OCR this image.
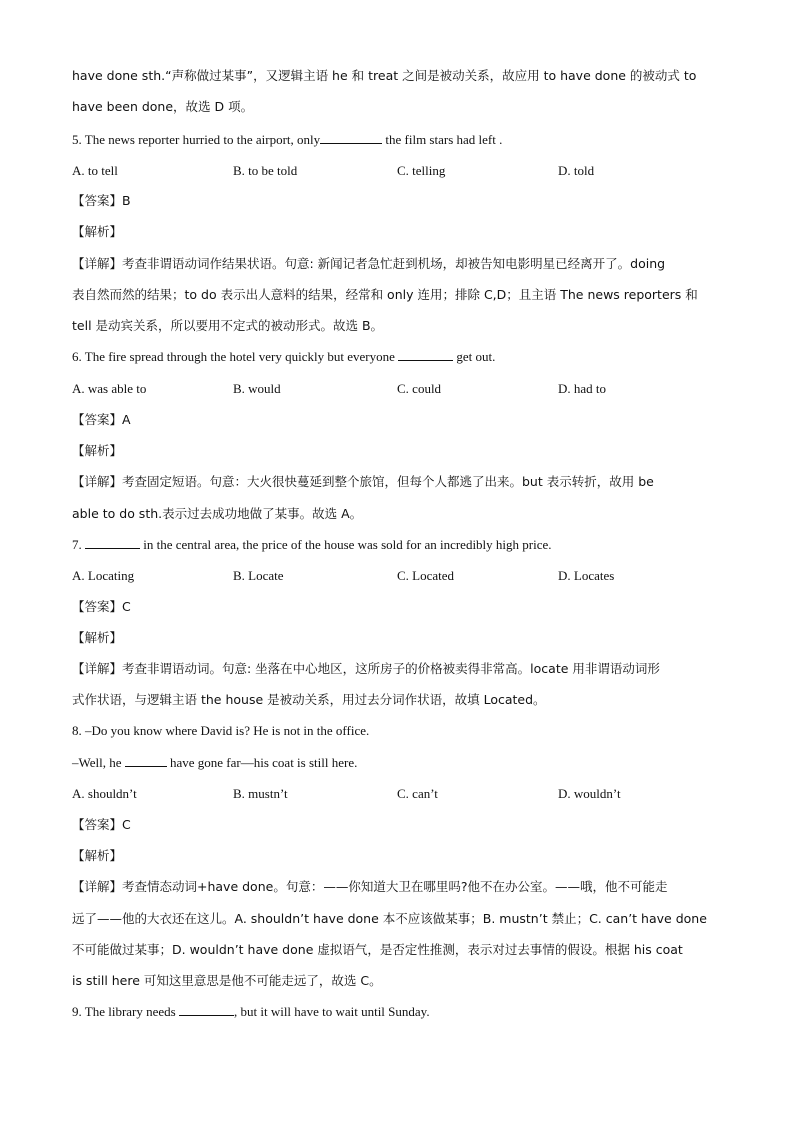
have done sth.“声称做过某事”，又逻辑主语 he 和 treat 之间是被动关系，故应用 to have done 的被动式 to
have been done，故选 D 项。
5. The news reporter hurried to the airport, only	the film stars had left .
A. to tell	B. to be told	C. telling	D. told
【答案】B
【解析】
【详解】考查非谓语动词作结果状语。句意: 新闻记者急忙赶到机场，却被告知电影明星已经离开了。doing
表自然而然的结果；to do 表示出人意料的结果，经常和 only 连用；排除 C,D；且主语 The news reporters 和
tell 是动宾关系，所以要用不定式的被动形式。故选 B。
6. The fire spread through the hotel very quickly but everyone	get out.
A. was able to	B. would	C. could	D. had to
【答案】A
【解析】
【详解】考查固定短语。句意：大火很快蔓延到整个旅馆，但每个人都逃了出来。but 表示转折，故用 be
able to do sth.表示过去成功地做了某事。故选 A。
7.	in the central area, the price of the house was sold for an incredibly high price.
A. Locating	B. Locate	C. Located	D. Locates
【答案】C
【解析】
【详解】考查非谓语动词。句意: 坐落在中心地区，这所房子的价格被卖得非常高。locate 用非谓语动词形
式作状语，与逻辑主语 the house 是被动关系，用过去分词作状语，故填 Located。
8. –Do you know where David is? He is not in the office.
–Well, he	have gone far—his coat is still here.
A. shouldn’t	B. mustn’t	C. can’t	D. wouldn’t
【答案】C
【解析】
【详解】考查情态动词+have done。句意：——你知道大卫在哪里吗?他不在办公室。——哦，他不可能走
远了——他的大衣还在这儿。A. shouldn’t have done 本不应该做某事；B. mustn’t 禁止；C. can’t have done
不可能做过某事；D. wouldn’t have done 虚拟语气，是否定性推测，表示对过去事情的假设。根据 his coat
is still here 可知这里意思是他不可能走远了，故选 C。
9. The library needs	, but it will have to wait until Sunday.
